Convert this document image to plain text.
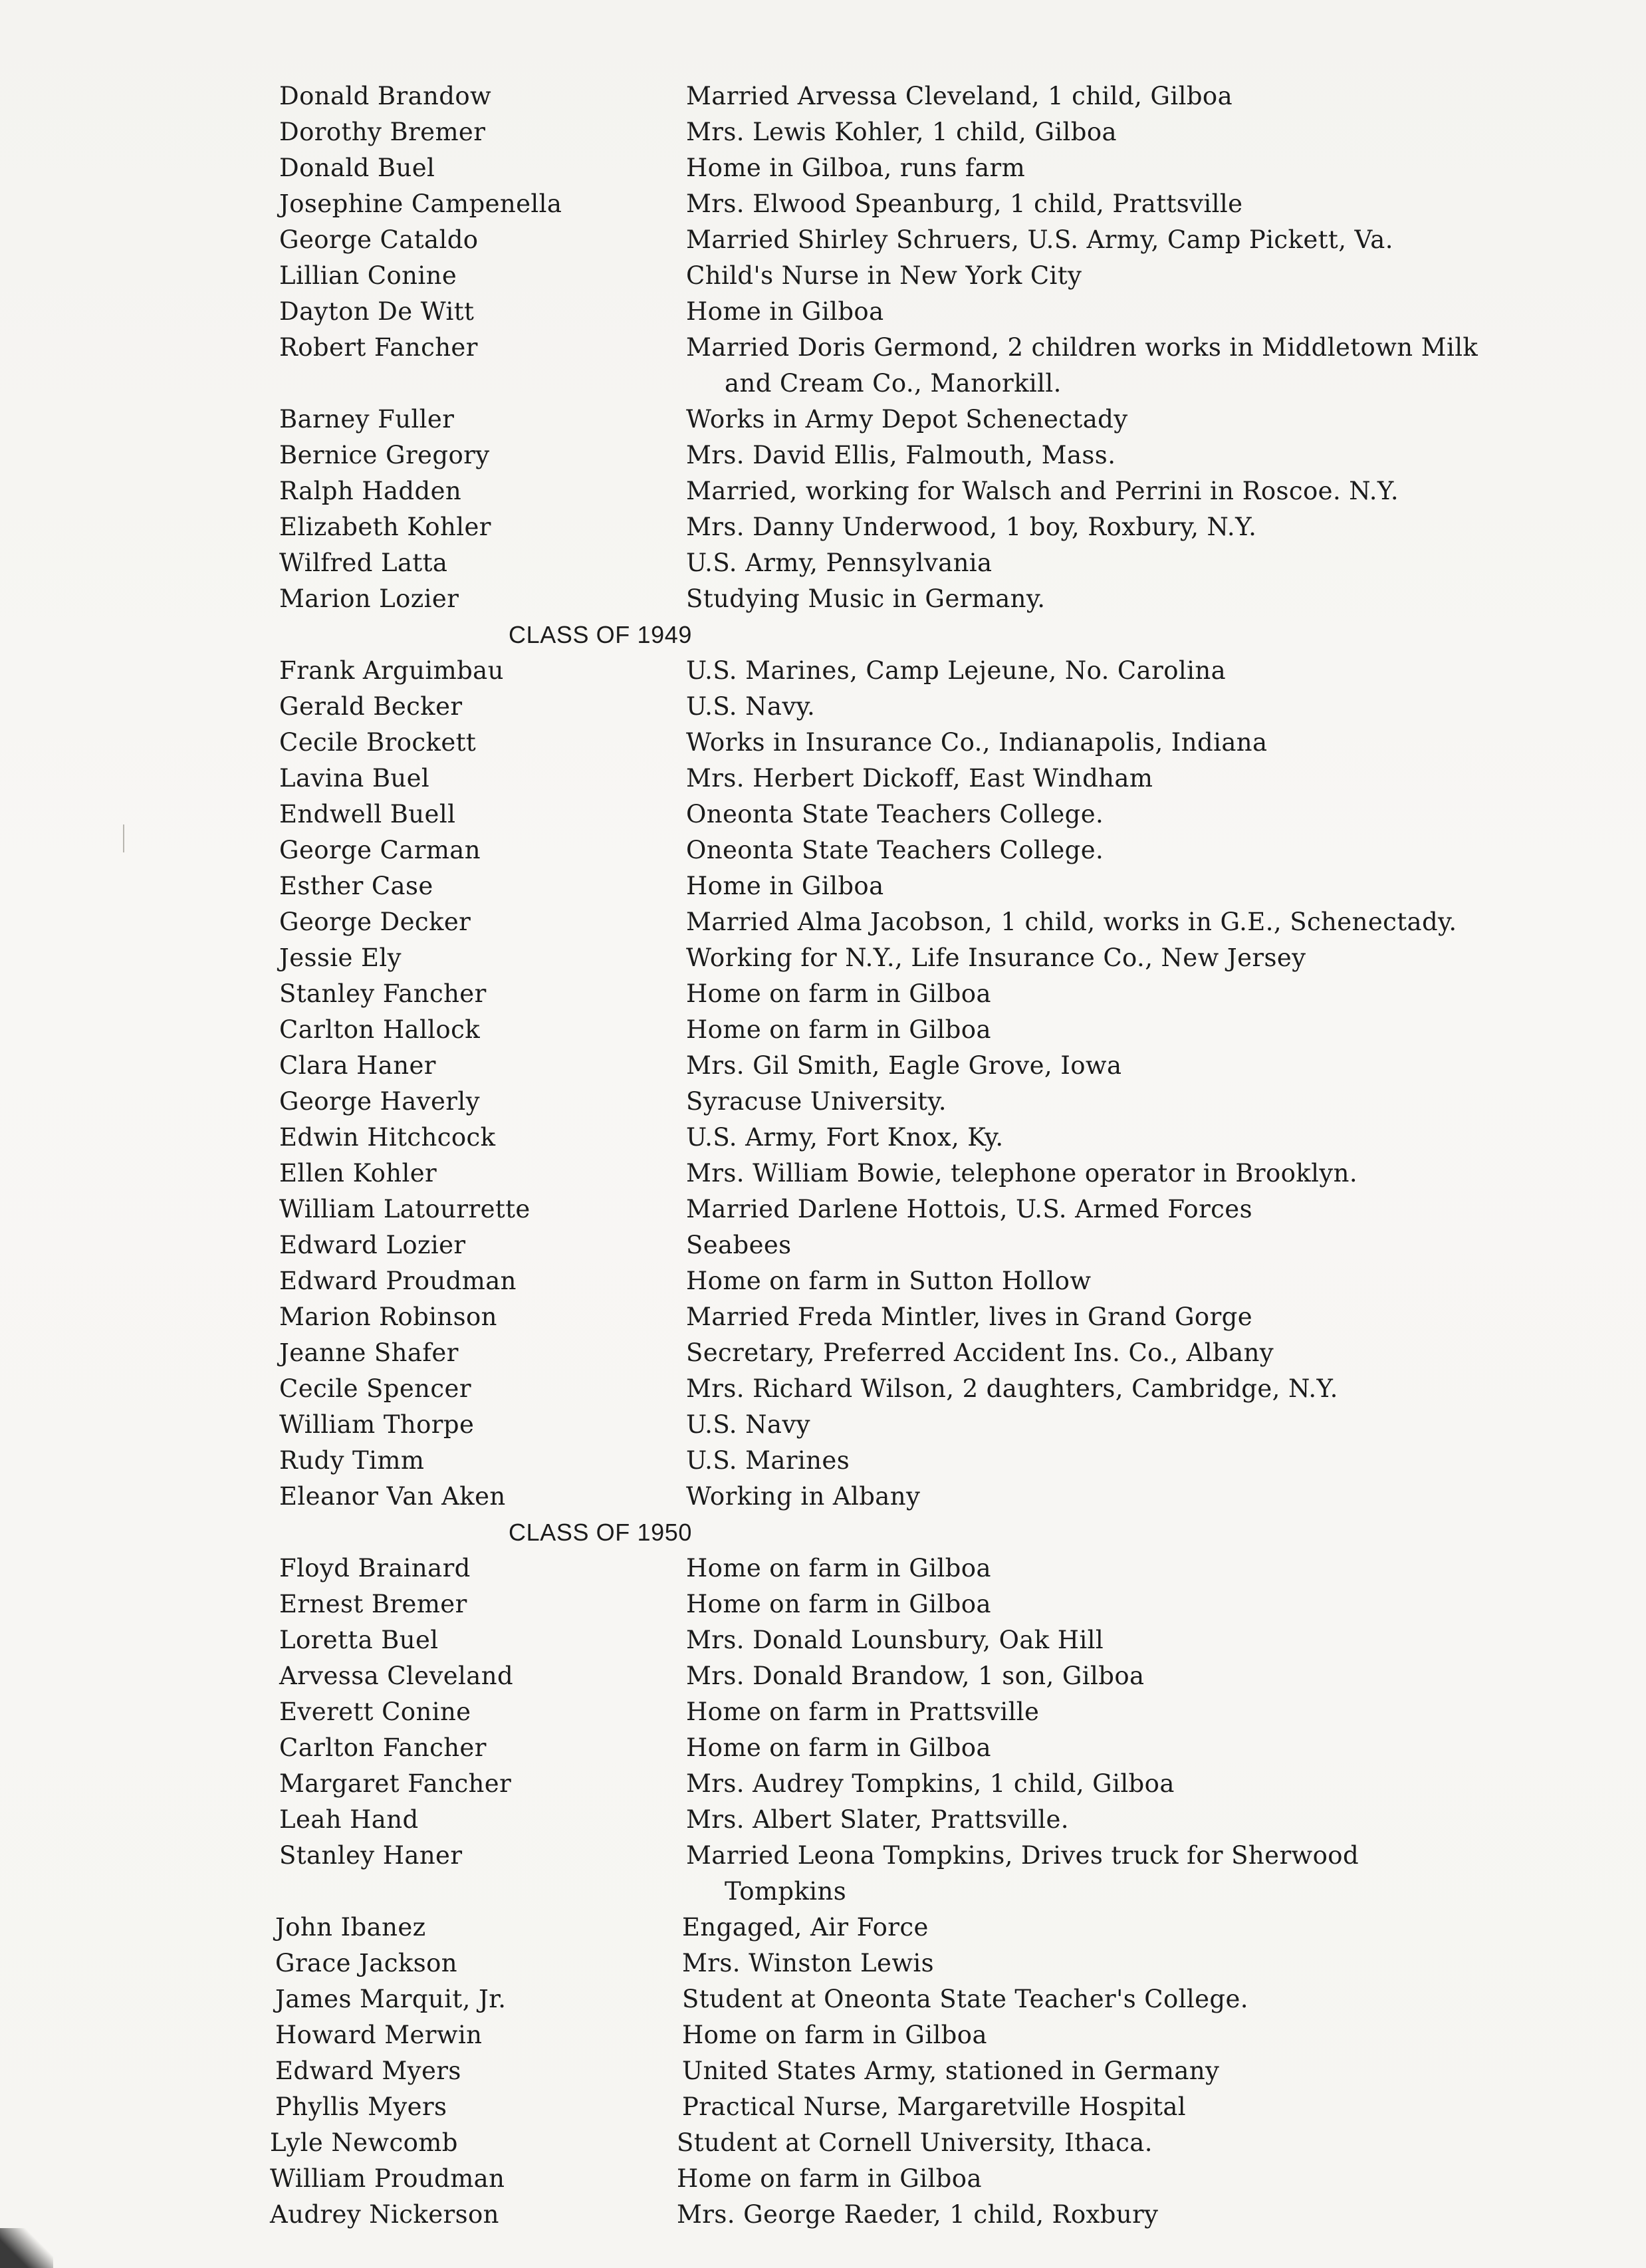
Donald Brandow	Married Arvessa Cleveland, 1 child, Gilboa
Dorothy Bremer	Mrs. Lewis Kohler, 1 child, Gilboa
Donald Buel	Home in Gilboa, runs farm
Josephine Campenella	Mrs. Elwood Speanburg, 1 child, Prattsville
George Cataldo	Married Shirley Schruers, U.S. Army, Camp Pickett, Va.
Lillian Conine	Child's Nurse in New York City
Dayton De Witt	Home in Gilboa
Robert Fancher	Married Doris Germond, 2 children works in Middletown Milk
and Cream Co., Manorkill.
Barney Fuller	Works in Army Depot Schenectady
Bernice Gregory	Mrs. David Ellis, Falmouth, Mass.
Ralph Hadden	Married, working for Walsch and Perrini in Roscoe. N.Y.
Elizabeth Kohler	Mrs. Danny Underwood, 1 boy, Roxbury, N.Y.
Wilfred Latta	U.S. Army, Pennsylvania
Marion Lozier	Studying Music in Germany.
CLASS OF 1949
Frank Arguimbau	U.S. Marines, Camp Lejeune, No. Carolina
Gerald Becker	U.S. Navy.
Cecile Brockett	Works in Insurance Co., Indianapolis, Indiana
Lavina Buel	Mrs. Herbert Dickoff, East Windham
Endwell Buell	Oneonta State Teachers College.
George Carman	Oneonta State Teachers College.
Esther Case	Home in Gilboa
George Decker	Married Alma Jacobson, 1 child, works in G.E., Schenectady.
Jessie Ely	Working for N.Y., Life Insurance Co., New Jersey
Stanley Fancher	Home on farm in Gilboa
Carlton Hallock	Home on farm in Gilboa
Clara Haner	Mrs. Gil Smith, Eagle Grove, Iowa
George Haverly	Syracuse University.
Edwin Hitchcock	U.S. Army, Fort Knox, Ky.
Ellen Kohler	Mrs. William Bowie, telephone operator in Brooklyn.
William Latourrette	Married Darlene Hottois, U.S. Armed Forces
Edward Lozier	Seabees
Edward Proudman	Home on farm in Sutton Hollow
Marion Robinson	Married Freda Mintler, lives in Grand Gorge
Jeanne Shafer	Secretary, Preferred Accident Ins. Co., Albany
Cecile Spencer	Mrs. Richard Wilson, 2 daughters, Cambridge, N.Y.
William Thorpe	U.S. Navy
Rudy Timm	U.S. Marines
Eleanor Van Aken	Working in Albany
CLASS OF 1950
Floyd Brainard	Home on farm in Gilboa
Ernest Bremer	Home on farm in Gilboa
Loretta Buel	Mrs. Donald Lounsbury, Oak Hill
Arvessa Cleveland	Mrs. Donald Brandow, 1 son, Gilboa
Everett Conine	Home on farm in Prattsville
Carlton Fancher	Home on farm in Gilboa
Margaret Fancher	Mrs. Audrey Tompkins, 1 child, Gilboa
Leah Hand	Mrs. Albert Slater, Prattsville.
Stanley Haner	Married Leona Tompkins, Drives truck for Sherwood
Tompkins
John Ibanez	Engaged, Air Force
Grace Jackson	Mrs. Winston Lewis
James Marquit, Jr.	Student at Oneonta State Teacher's College.
Howard Merwin	Home on farm in Gilboa
Edward Myers	United States Army, stationed in Germany
Phyllis Myers	Practical Nurse, Margaretville Hospital
Lyle Newcomb	Student at Cornell University, Ithaca.
William Proudman	Home on farm in Gilboa
Audrey Nickerson	Mrs. George Raeder, 1 child, Roxbury
